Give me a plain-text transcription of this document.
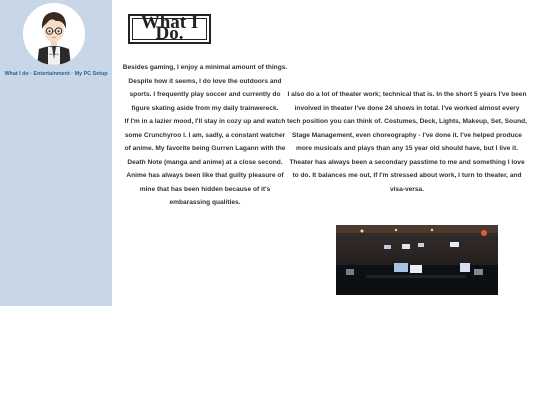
kawaiiy
What I do · Entertainment · My PC Setup
What I Do.
Besides gaming, I enjoy a minimal amount of things. Despite how it seems, I do love the outdoors and sports. I frequently play soccer and currently do figure skating aside from my daily trainwereck.
If I'm in a lazier mood, I'll stay in cozy up and watch some Crunchyroo l. I am, sadly, a constant watcher of anime. My favorite being Gurren Lagann with the Death Note (manga and anime) at a close second. Anime has always been like that guilty pleasure of mine that has been hidden because of it's embarassing qualities.
I also do a lot of theater work; technical that is. In the short 5 years I've been involved in theater I've done 24 shows in total. I've worked almost every tech position you can think of. Costumes, Deck, Lights, Makeup, Set, Sound, Stage Management, even choreography - I've done it. I've helped produce more musicals and plays than any 15 year old should have, but I live it. Theater has always been a secondary passtime to me and something I love to do. It balances me out, If I'm stressed about work, I turn to theater, and visa-versa.
